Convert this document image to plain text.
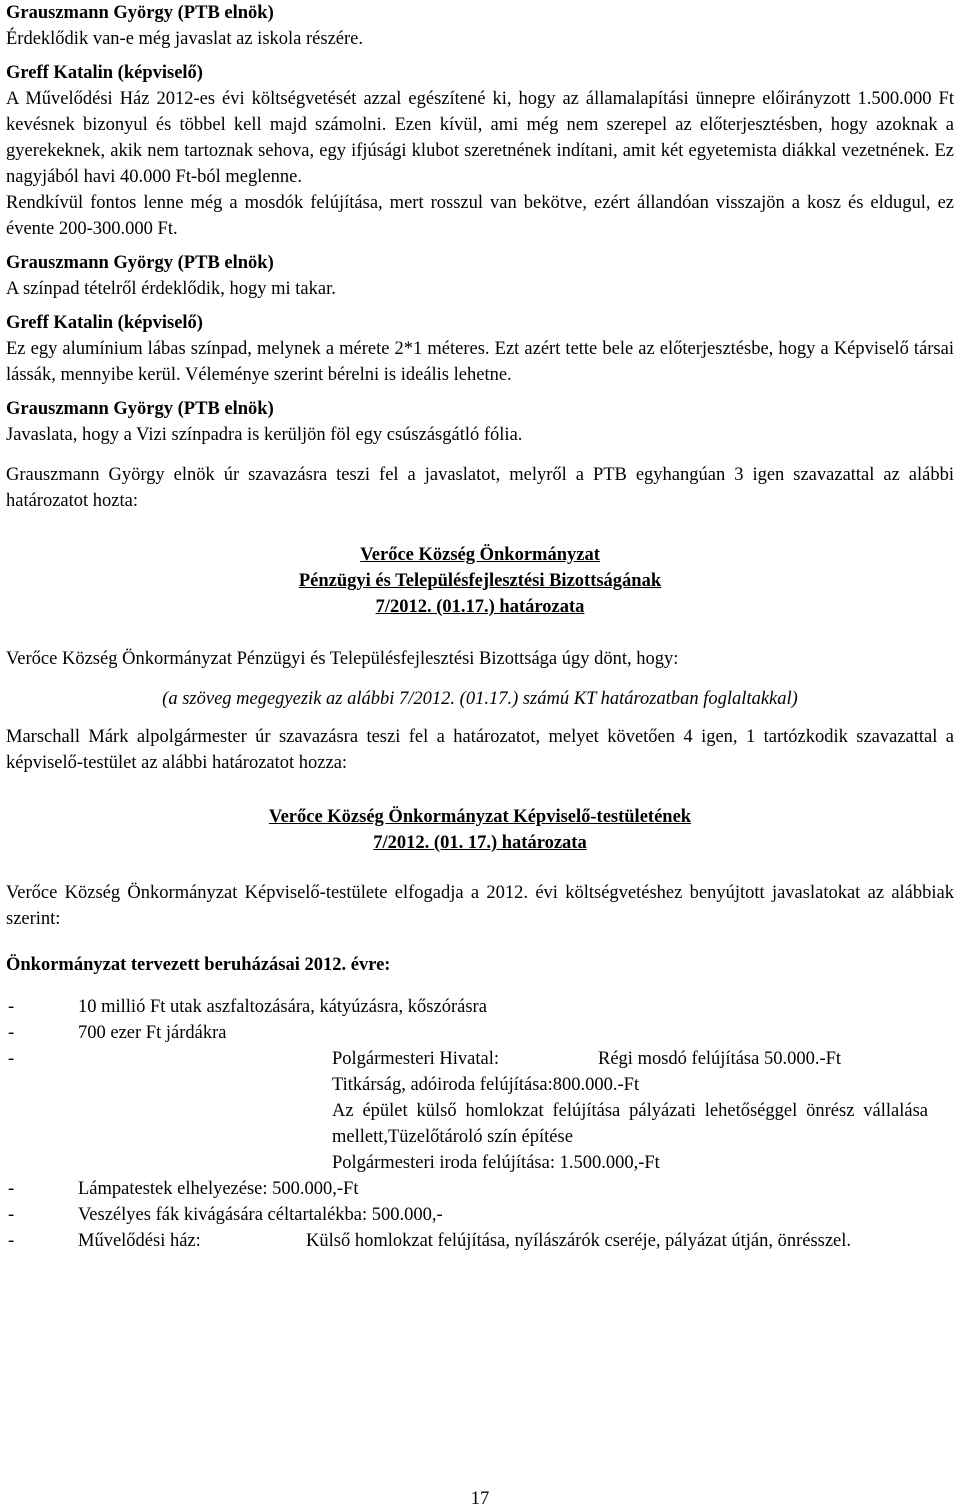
Grauszmann György (PTB elnök)
Érdeklődik van-e még javaslat az iskola részére.
Greff Katalin (képviselő)
A Művelődési Ház 2012-es évi költségvetését azzal egészítené ki, hogy az államalapítási ünnepre előirányzott 1.500.000 Ft kevésnek bizonyul és többel kell majd számolni. Ezen kívül, ami még nem szerepel az előterjesztésben, hogy azoknak a gyerekeknek, akik nem tartoznak sehova, egy ifjúsági klubot szeretnének indítani, amit két egyetemista diákkal vezetnének. Ez nagyjából havi 40.000 Ft-ból meglenne.
Rendkívül fontos lenne még a mosdók felújítása, mert rosszul van bekötve, ezért állandóan visszajön a kosz és eldugul, ez évente 200-300.000 Ft.
Grauszmann György (PTB elnök)
A színpad tételről érdeklődik, hogy mi takar.
Greff Katalin (képviselő)
Ez egy alumínium lábas színpad, melynek a mérete 2*1 méteres. Ezt azért tette bele az előterjesztésbe, hogy a Képviselő társai lássák, mennyibe kerül. Véleménye szerint bérelni is ideális lehetne.
Grauszmann György (PTB elnök)
Javaslata, hogy a Vizi színpadra is kerüljön föl egy csúszásgátló fólia.
Grauszmann György elnök úr szavazásra teszi fel a javaslatot, melyről a PTB egyhangúan 3 igen szavazattal az alábbi határozatot hozta:
Verőce Község Önkormányzat
Pénzügyi és Településfejlesztési Bizottságának
7/2012. (01.17.) határozata
Verőce Község Önkormányzat Pénzügyi és Településfejlesztési Bizottsága úgy dönt, hogy:
(a szöveg megegyezik az alábbi 7/2012. (01.17.) számú KT határozatban foglaltakkal)
Marschall Márk alpolgármester úr szavazásra teszi fel a határozatot, melyet követően 4 igen, 1 tartózkodik szavazattal a képviselő-testület az alábbi határozatot hozza:
Verőce Község Önkormányzat Képviselő-testületének
7/2012. (01. 17.) határozata
Verőce Község Önkormányzat Képviselő-testülete elfogadja a 2012. évi költségvetéshez benyújtott javaslatokat az alábbiak szerint:
Önkormányzat tervezett beruházásai 2012. évre:
-	10 millió Ft utak aszfaltozására, kátyúzásra, kőszórásra
-	700 ezer Ft járdákra
-	Polgármesteri Hivatal:	Régi mosdó felújítása 50.000.-Ft
Titkárság, adóiroda felújítása:800.000.-Ft
Az épület külső homlokzat felújítása pályázati lehetőséggel önrész vállalása mellett,Tüzelőtároló szín építése
Polgármesteri iroda felújítása: 1.500.000,-Ft
-	Lámpatestek elhelyezése: 500.000,-Ft
-	Veszélyes fák kivágására céltartalékba: 500.000,-
-	Művelődési ház:	Külső homlokzat felújítása, nyílászárók cseréje, pályázat útján, önrésszel.
17
